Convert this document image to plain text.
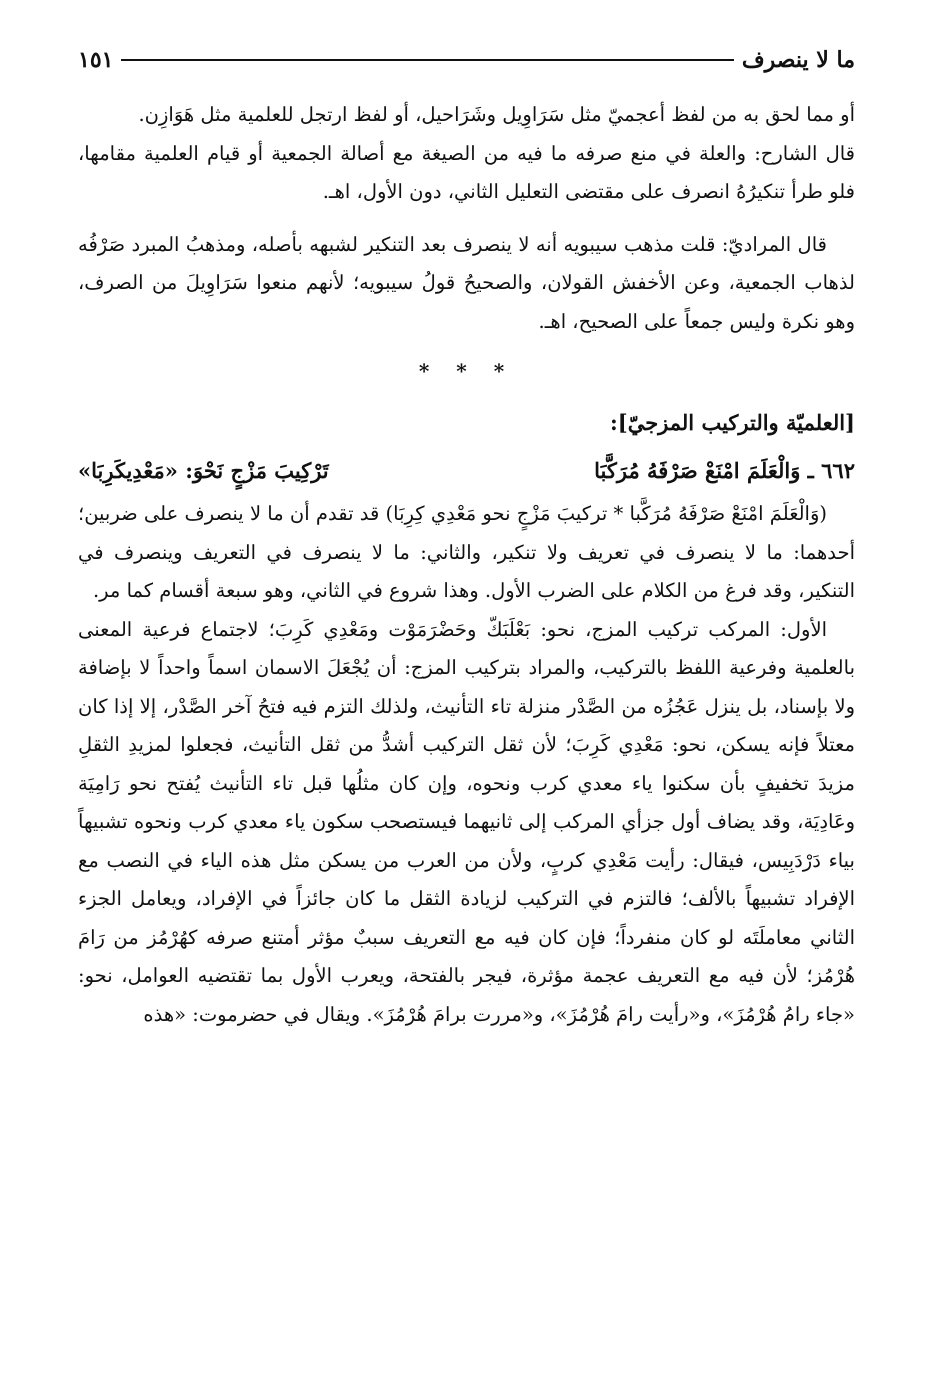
ما لا ينصرف
١٥١

أو مما لحق به من لفظ أعجميّ مثل سَرَاوِيل وشَرَاحيل، أو لفظ ارتجل للعلمية مثل هَوَازِن.

قال الشارح: والعلة في منع صرفه ما فيه من الصيغة مع أصالة الجمعية أو قيام العلمية مقامها، فلو طرأ تنكيرُهُ انصرف على مقتضى التعليل الثاني، دون الأول، اهـ.

قال المراديّ: قلت مذهب سيبويه أنه لا ينصرف بعد التنكير لشبهه بأصله، ومذهبُ المبرد صَرْفُه لذهاب الجمعية، وعن الأخفش القولان، والصحيحُ قولُ سيبويه؛ لأنهم منعوا سَرَاوِيلَ من الصرف، وهو نكرة وليس جمعاً على الصحيح، اهـ.

* * *

[العلميّة والتركيب المزجيّ]:

٦٦٢ ـ وَالْعَلَمَ امْنَعْ صَرْفَهُ مُرَكَّبَا
تَرْكِيبَ مَزْجٍ نَحْوَ: «مَعْدِيكَرِبَا»

(وَالْعَلَمَ امْنَعْ صَرْفَهُ مُرَكَّبا * تركيبَ مَزْجٍ نحو مَعْدِي كِرِبَا) قد تقدم أن ما لا ينصرف على ضربين؛ أحدهما: ما لا ينصرف في تعريف ولا تنكير، والثاني: ما لا ينصرف في التعريف وينصرف في التنكير، وقد فرغ من الكلام على الضرب الأول. وهذا شروع في الثاني، وهو سبعة أقسام كما مر.

الأول: المركب تركيب المزج، نحو: بَعْلَبَكّ وحَضْرَمَوْت ومَعْدِي كَرِبَ؛ لاجتماع فرعية المعنى بالعلمية وفرعية اللفظ بالتركيب، والمراد بتركيب المزج: أن يُجْعَلَ الاسمان اسماً واحداً لا بإضافة ولا بإسناد، بل ينزل عَجُزُه من الصَّدْر منزلة تاء التأنيث، ولذلك التزم فيه فتحُ آخر الصَّدْر، إلا إذا كان معتلاً فإنه يسكن، نحو: مَعْدِي كَرِبَ؛ لأن ثقل التركيب أشدُّ من ثقل التأنيث، فجعلوا لمزيدِ الثقلِ مزيدَ تخفيفٍ بأن سكنوا ياء معدي كرب ونحوه، وإن كان مثلُها قبل تاء التأنيث يُفتح نحو رَامِيَة وعَادِيَة، وقد يضاف أول جزأي المركب إلى ثانيهما فيستصحب سكون ياء معدي كرب ونحوه تشبيهاً بياء دَرْدَبِيس، فيقال: رأيت مَعْدِي كربٍ، ولأن من العرب من يسكن مثل هذه الياء في النصب مع الإفراد تشبيهاً بالألف؛ فالتزم في التركيب لزيادة الثقل ما كان جائزاً في الإفراد، ويعامل الجزء الثاني معاملَتَه لو كان منفرداً؛ فإن كان فيه مع التعريف سببٌ مؤثر أمتنع صرفه كهُرْمُز من رَامَ هُرْمُز؛ لأن فيه مع التعريف عجمة مؤثرة، فيجر بالفتحة، ويعرب الأول بما تقتضيه العوامل، نحو: «جاء رامُ هُرْمُزَ»، و«رأيت رامَ هُرْمُزَ»، و«مررت برامَ هُرْمُزَ». ويقال في حضرموت: «هذه
